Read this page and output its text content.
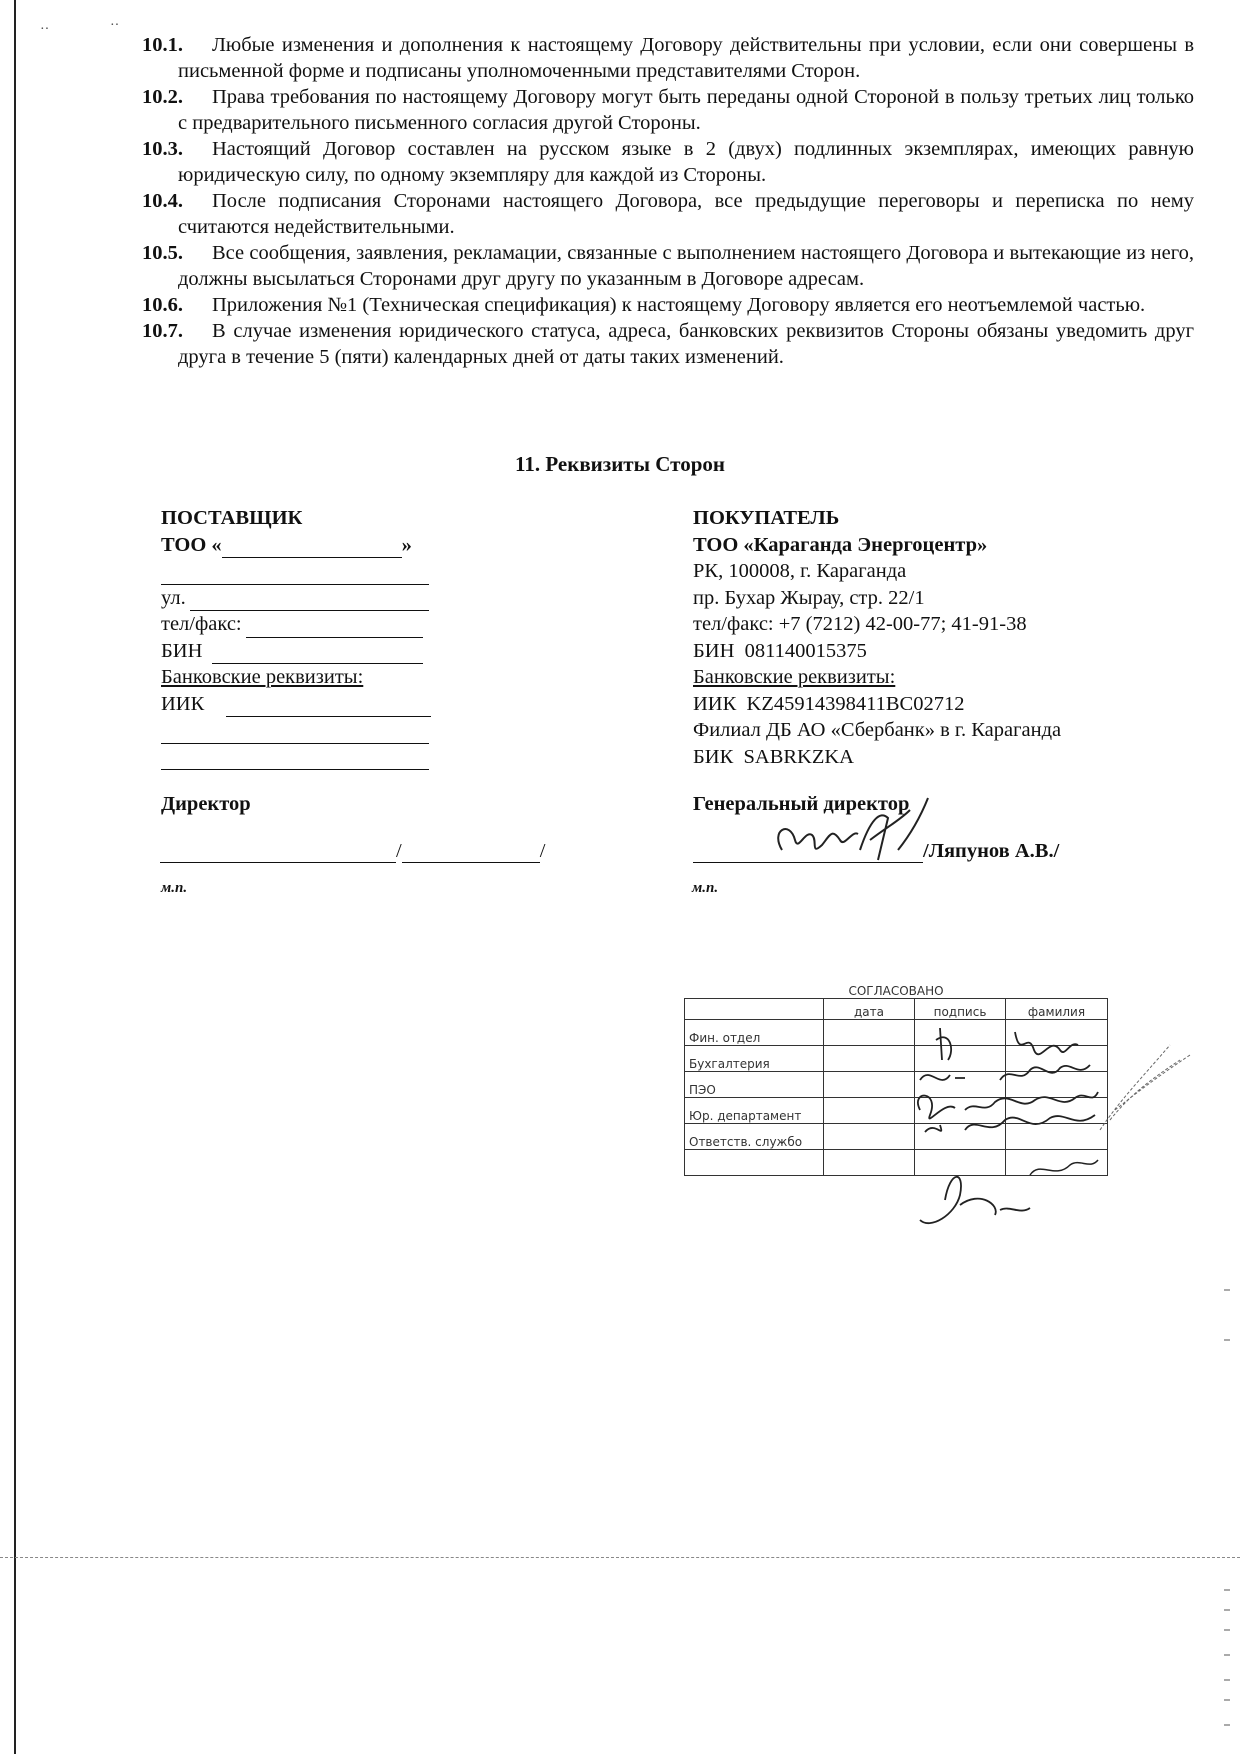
··	··
10.1.	Любые изменения и дополнения к настоящему Договору действительны при условии, если они совершены в письменной форме и подписаны уполномоченными представителями Сторон.
10.2.	Права требования по настоящему Договору могут быть переданы одной Стороной в пользу третьих лиц только с предварительного письменного согласия другой Стороны.
10.3.	Настоящий Договор составлен на русском языке в 2 (двух) подлинных экземплярах, имеющих равную юридическую силу, по одному экземпляру для каждой из Стороны.
10.4.	После подписания Сторонами настоящего Договора, все предыдущие переговоры и переписка по нему считаются недействительными.
10.5.	Все сообщения, заявления, рекламации, связанные с выполнением настоящего Договора и вытекающие из него, должны высылаться Сторонами друг другу по указанным в Договоре адресам.
10.6.	Приложения №1 (Техническая спецификация) к настоящему Договору является его неотъемлемой частью.
10.7.	В случае изменения юридического статуса, адреса, банковских реквизитов Стороны обязаны уведомить друг друга в течение 5 (пяти) календарных дней от даты таких изменений.
11. Реквизиты Сторон
ПОСТАВЩИК
ТОО «	»
ул.
тел/факс:
БИН
Банковские реквизиты:
ИИК
ПОКУПАТЕЛЬ
ТОО «Караганда Энергоцентр»
РК, 100008, г. Караганда
пр. Бухар Жырау, стр. 22/1
тел/факс: +7 (7212) 42-00-77; 41-91-38
БИН  081140015375
Банковские реквизиты:
ИИК  KZ45914398411BC02712
Филиал ДБ АО «Сбербанк» в г. Караганда
БИК  SABRKZKA
Директор	Генеральный директор
/	/	/Ляпунов А.В./
м.п.	м.п.
СОГЛАСОВАНО			
	дата	подпись	фамилия
Фин. отдел			
Бухгалтерия			
ПЭО			
Юр. департамент			
Ответств. службо			
